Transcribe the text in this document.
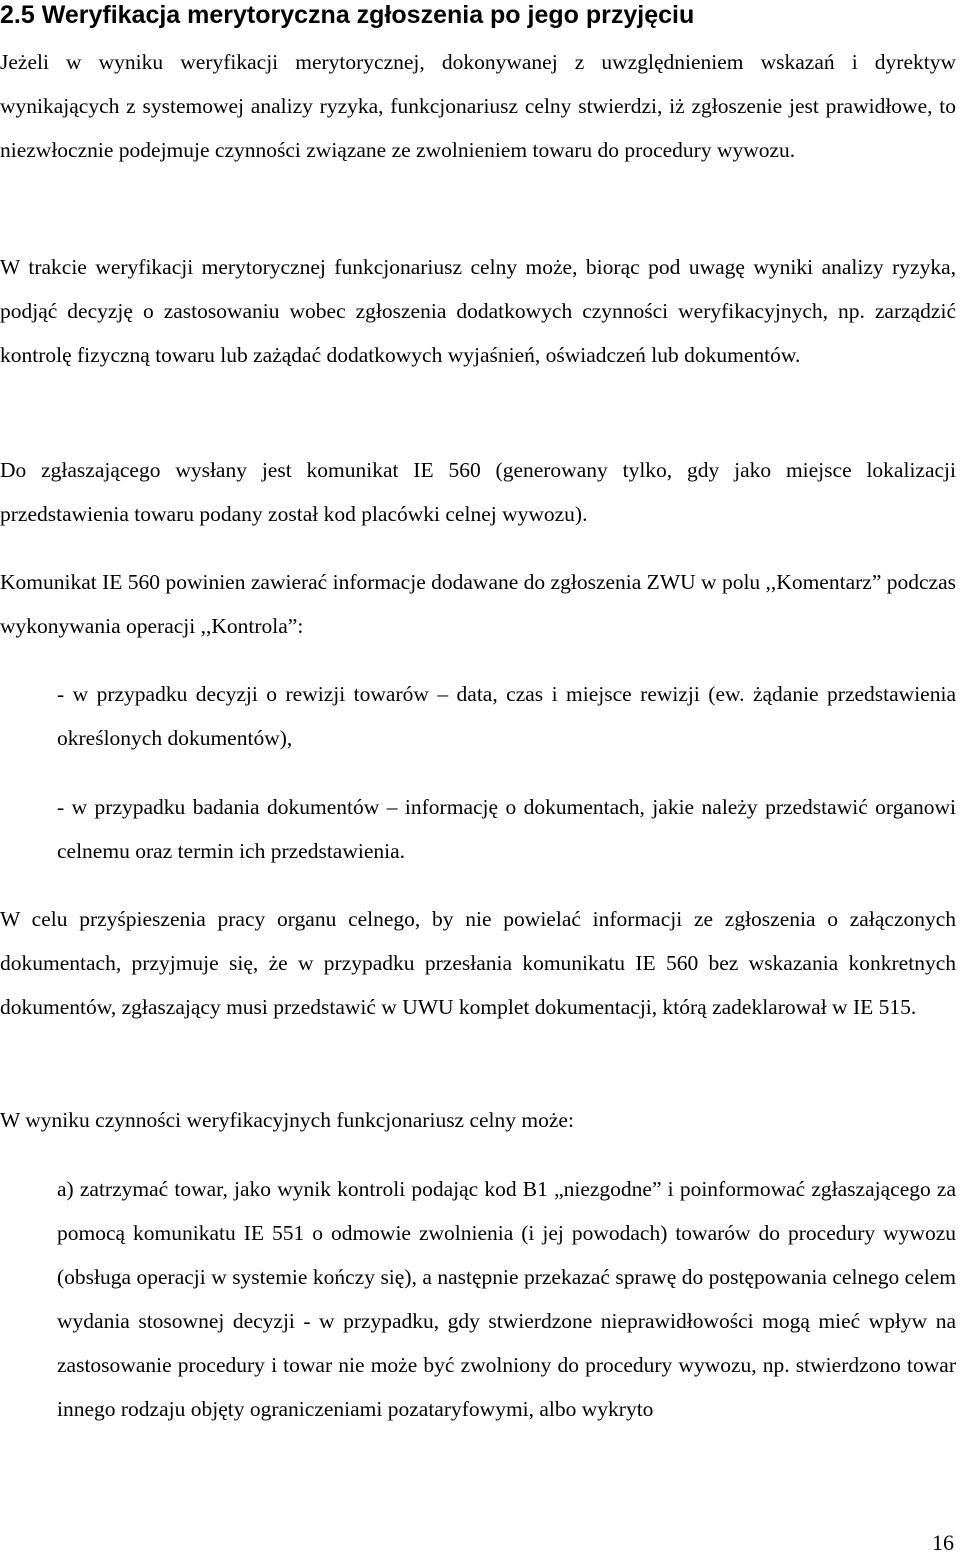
2.5 Weryfikacja merytoryczna zgłoszenia po jego przyjęciu

Jeżeli w wyniku weryfikacji merytorycznej, dokonywanej z uwzględnieniem wskazań i dyrektyw wynikających z systemowej analizy ryzyka, funkcjonariusz celny stwierdzi, iż zgłoszenie jest prawidłowe, to niezwłocznie podejmuje czynności związane ze zwolnieniem towaru do procedury wywozu.

W trakcie weryfikacji merytorycznej funkcjonariusz celny może, biorąc pod uwagę wyniki analizy ryzyka, podjąć decyzję o zastosowaniu wobec zgłoszenia dodatkowych czynności weryfikacyjnych, np. zarządzić kontrolę fizyczną towaru lub zażądać dodatkowych wyjaśnień, oświadczeń lub dokumentów.

Do zgłaszającego wysłany jest komunikat IE 560 (generowany tylko, gdy jako miejsce lokalizacji przedstawienia towaru podany został kod placówki celnej wywozu).

Komunikat IE 560 powinien zawierać informacje dodawane do zgłoszenia ZWU w polu ,,Komentarz” podczas wykonywania operacji ,,Kontrola”:

- w przypadku decyzji o rewizji towarów – data, czas i miejsce rewizji (ew. żądanie przedstawienia określonych dokumentów),

- w przypadku badania dokumentów – informację o dokumentach, jakie należy przedstawić organowi celnemu oraz termin ich przedstawienia.

W celu przyśpieszenia pracy organu celnego, by nie powielać informacji ze zgłoszenia o załączonych dokumentach, przyjmuje się, że w przypadku przesłania komunikatu IE 560 bez wskazania konkretnych dokumentów, zgłaszający musi przedstawić w UWU komplet dokumentacji, którą zadeklarował w IE 515.

W wyniku czynności weryfikacyjnych funkcjonariusz celny może:

a) zatrzymać towar, jako wynik kontroli podając kod B1 „niezgodne” i poinformować zgłaszającego za pomocą komunikatu IE 551 o odmowie zwolnienia (i jej powodach) towarów do procedury wywozu (obsługa operacji w systemie kończy się), a następnie przekazać sprawę do postępowania celnego celem wydania stosownej decyzji - w przypadku, gdy stwierdzone nieprawidłowości mogą mieć wpływ na zastosowanie procedury i towar nie może być zwolniony do procedury wywozu, np. stwierdzono towar innego rodzaju objęty ograniczeniami pozataryfowymi, albo wykryto

16
